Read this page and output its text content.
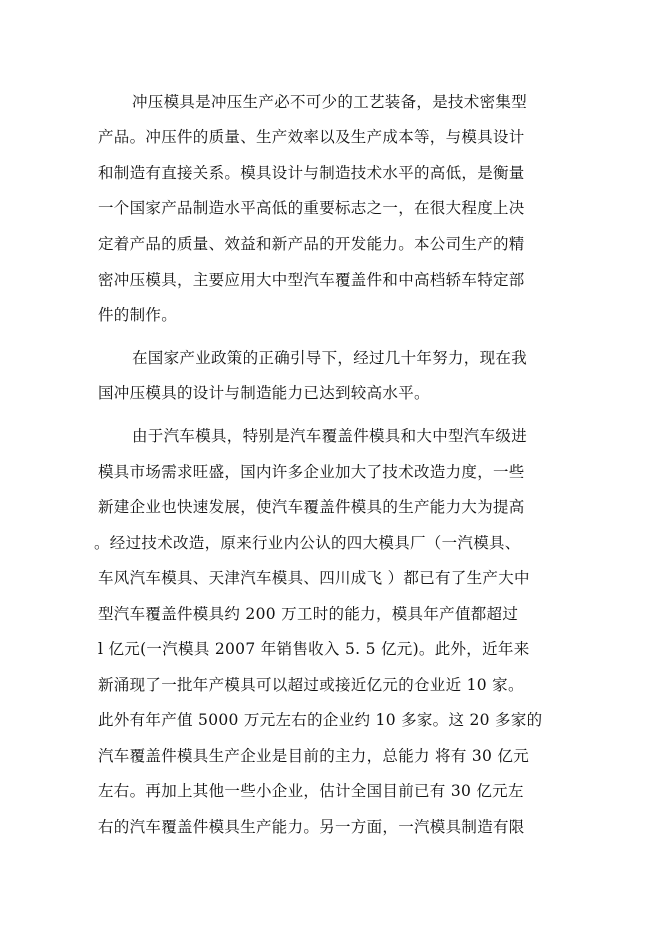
冲压模具是冲压生产必不可少的工艺装备，是技术密集型
产品。冲压件的质量、生产效率以及生产成本等，与模具设计
和制造有直接关系。模具设计与制造技术水平的高低，是衡量
一个国家产品制造水平高低的重要标志之一，在很大程度上决
定着产品的质量、效益和新产品的开发能力。本公司生产的精
密冲压模具，主要应用大中型汽车覆盖件和中高档轿车特定部
件的制作。
在国家产业政策的正确引导下，经过几十年努力，现在我
国冲压模具的设计与制造能力已达到较高水平。
由于汽车模具，特别是汽车覆盖件模具和大中型汽车级进
模具市场需求旺盛，国内许多企业加大了技术改造力度，一些
新建企业也快速发展，使汽车覆盖件模具的生产能力大为提高
。经过技术改造，原来行业内公认的四大模具厂（一汽模具、
车风汽车模具、天津汽车模具、四川成飞 ）都已有了生产大中
型汽车覆盖件模具约 200 万工时的能力，模具年产值都超过
l 亿元(一汽模具 2007 年销售收入 5. 5 亿元)。此外，近年来
新涌现了一批年产模具可以超过或接近亿元的仓业近 10 家。
此外有年产值 5000 万元左右的企业约 10 多家。这 20 多家的
汽车覆盖件模具生产企业是目前的主力，总能力 将有 30 亿元
左右。再加上其他一些小企业，估计全国目前已有 30 亿元左
右的汽车覆盖件模具生产能力。另一方面，一汽模具制造有限
